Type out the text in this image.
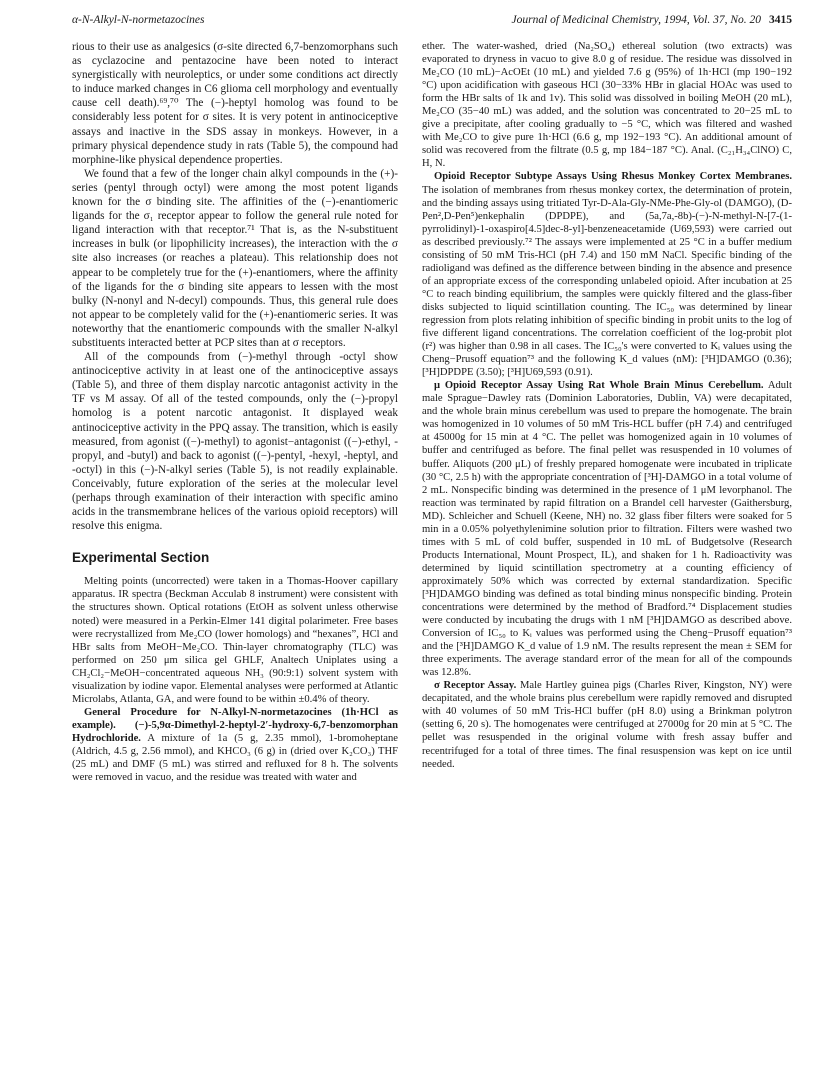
α-N-Alkyl-N-normetazocines	Journal of Medicinal Chemistry, 1994, Vol. 37, No. 20 3415

rious to their use as analgesics (σ-site directed 6,7-benzomorphans such as cyclazocine and pentazocine have been noted to interact synergistically with neuroleptics, or under some conditions act directly to induce marked changes in C6 glioma cell morphology and eventually cause cell death).⁶⁹,⁷⁰ The (−)-heptyl homolog was found to be considerably less potent for σ sites. It is very potent in antinociceptive assays and inactive in the SDS assay in monkeys. However, in a primary physical dependence study in rats (Table 5), the compound had morphine-like physical dependence properties.

We found that a few of the longer chain alkyl compounds in the (+)-series (pentyl through octyl) were among the most potent ligands known for the σ binding site. The affinities of the (−)-enantiomeric ligands for the σ₁ receptor appear to follow the general rule noted for ligand interaction with that receptor.⁷¹ That is, as the N-substituent increases in bulk (or lipophilicity increases), the interaction with the σ site also increases (or reaches a plateau). This relationship does not appear to be completely true for the (+)-enantiomers, where the affinity of the ligands for the σ binding site appears to lessen with the most bulky (N-nonyl and N-decyl) compounds. Thus, this general rule does not appear to be completely valid for the (+)-enantiomeric series. It was noteworthy that the enantiomeric compounds with the smaller N-alkyl substituents interacted better at PCP sites than at σ receptors.

All of the compounds from (−)-methyl through -octyl show antinociceptive activity in at least one of the antinociceptive assays (Table 5), and three of them display narcotic antagonist activity in the TF vs M assay. Of all of the tested compounds, only the (−)-propyl homolog is a potent narcotic antagonist. It displayed weak antinociceptive activity in the PPQ assay. The transition, which is easily measured, from agonist ((−)-methyl) to agonist−antagonist ((−)-ethyl, -propyl, and -butyl) and back to agonist ((−)-pentyl, -hexyl, -heptyl, and -octyl) in this (−)-N-alkyl series (Table 5), is not readily explainable. Conceivably, future exploration of the series at the molecular level (perhaps through examination of their interaction with specific amino acids in the transmembrane helices of the various opioid receptors) will resolve this enigma.

Experimental Section

Melting points (uncorrected) were taken in a Thomas-Hoover capillary apparatus. IR spectra (Beckman Acculab 8 instrument) were consistent with the structures shown. Optical rotations (EtOH as solvent unless otherwise noted) were measured in a Perkin-Elmer 141 digital polarimeter. Free bases were recrystallized from Me₂CO (lower homologs) and “hexanes”, HCl and HBr salts from MeOH−Me₂CO. Thin-layer chromatography (TLC) was performed on 250 μm silica gel GHLF, Analtech Uniplates using a CH₂Cl₂−MeOH−concentrated aqueous NH₃ (90:9:1) solvent system with visualization by iodine vapor. Elemental analyses were performed at Atlantic Microlabs, Atlanta, GA, and were found to be within ±0.4% of theory.

General Procedure for N-Alkyl-N-normetazocines (1h·HCl as example). (−)-5,9α-Dimethyl-2-heptyl-2′-hydroxy-6,7-benzomorphan Hydrochloride. A mixture of 1a (5 g, 2.35 mmol), 1-bromoheptane (Aldrich, 4.5 g, 2.56 mmol), and KHCO₃ (6 g) in (dried over K₂CO₃) THF (25 mL) and DMF (5 mL) was stirred and refluxed for 8 h. The solvents were removed in vacuo, and the residue was treated with water and

ether. The water-washed, dried (Na₂SO₄) ethereal solution (two extracts) was evaporated to dryness in vacuo to give 8.0 g of residue. The residue was dissolved in Me₂CO (10 mL)−AcOEt (10 mL) and yielded 7.6 g (95%) of 1h·HCl (mp 190−192 °C) upon acidification with gaseous HCl (30−33% HBr in glacial HOAc was used to form the HBr salts of 1k and 1v). This solid was dissolved in boiling MeOH (20 mL), Me₂CO (35−40 mL) was added, and the solution was concentrated to 20−25 mL to give a precipitate, after cooling gradually to −5 °C, which was filtered and washed with Me₂CO to give pure 1h·HCl (6.6 g, mp 192−193 °C). An additional amount of solid was recovered from the filtrate (0.5 g, mp 184−187 °C). Anal. (C₂₁H₃₄ClNO) C, H, N.

Opioid Receptor Subtype Assays Using Rhesus Monkey Cortex Membranes. The isolation of membranes from rhesus monkey cortex, the determination of protein, and the binding assays using tritiated Tyr-D-Ala-Gly-NMe-Phe-Gly-ol (DAMGO), (D-Pen²,D-Pen⁵)enkephalin (DPDPE), and (5a,7a,-8b)-(−)-N-methyl-N-[7-(1-pyrrolidinyl)-1-oxaspiro[4.5]dec-8-yl]-benzeneacetamide (U69,593) were carried out as described previously.⁷² The assays were implemented at 25 °C in a buffer medium consisting of 50 mM Tris-HCl (pH 7.4) and 150 mM NaCl. Specific binding of the radioligand was defined as the difference between binding in the absence and presence of an appropriate excess of the corresponding unlabeled opioid. After incubation at 25 °C to reach binding equilibrium, the samples were quickly filtered and the glass-fiber disks subjected to liquid scintillation counting. The IC₅₀ was determined by linear regression from plots relating inhibition of specific binding in probit units to the log of five different ligand concentrations. The correlation coefficient of the log-probit plot (r²) was higher than 0.98 in all cases. The IC₅₀'s were converted to Kᵢ values using the Cheng−Prusoff equation⁷³ and the following K_d values (nM): [³H]DAMGO (0.36); [³H]DPDPE (3.50); [³H]U69,593 (0.91).

μ Opioid Receptor Assay Using Rat Whole Brain Minus Cerebellum. Adult male Sprague−Dawley rats (Dominion Laboratories, Dublin, VA) were decapitated, and the whole brain minus cerebellum was used to prepare the homogenate. The brain was homogenized in 10 volumes of 50 mM Tris-HCL buffer (pH 7.4) and centrifuged at 45000g for 15 min at 4 °C. The pellet was homogenized again in 10 volumes of buffer and centrifuged as before. The final pellet was resuspended in 10 volumes of buffer. Aliquots (200 μL) of freshly prepared homogenate were incubated in triplicate (30 °C, 2.5 h) with the appropriate concentration of [³H]-DAMGO in a total volume of 2 mL. Nonspecific binding was determined in the presence of 1 μM levorphanol. The reaction was terminated by rapid filtration on a Brandel cell harvester (Gaithersburg, MD). Schleicher and Schuell (Keene, NH) no. 32 glass fiber filters were soaked for 5 min in a 0.05% polyethylenimine solution prior to filtration. Filters were washed two times with 5 mL of cold buffer, suspended in 10 mL of Budgetsolve (Research Products International, Mount Prospect, IL), and shaken for 1 h. Radioactivity was determined by liquid scintillation spectrometry at a counting efficiency of approximately 50% which was corrected by external standardization. Specific [³H]DAMGO binding was defined as total binding minus nonspecific binding. Protein concentrations were determined by the method of Bradford.⁷⁴ Displacement studies were conducted by incubating the drugs with 1 nM [³H]DAMGO as described above. Conversion of IC₅₀ to Kᵢ values was performed using the Cheng−Prusoff equation⁷³ and the [³H]DAMGO K_d value of 1.9 nM. The results represent the mean ± SEM for three experiments. The average standard error of the mean for all of the compounds was 12.8%.

σ Receptor Assay. Male Hartley guinea pigs (Charles River, Kingston, NY) were decapitated, and the whole brains plus cerebellum were rapidly removed and disrupted with 40 volumes of 50 mM Tris-HCl buffer (pH 8.0) using a Brinkman polytron (setting 6, 20 s). The homogenates were centrifuged at 27000g for 20 min at 5 °C. The pellet was resuspended in the original volume with fresh assay buffer and recentrifuged for a total of three times. The final resuspension was kept on ice until needed.
